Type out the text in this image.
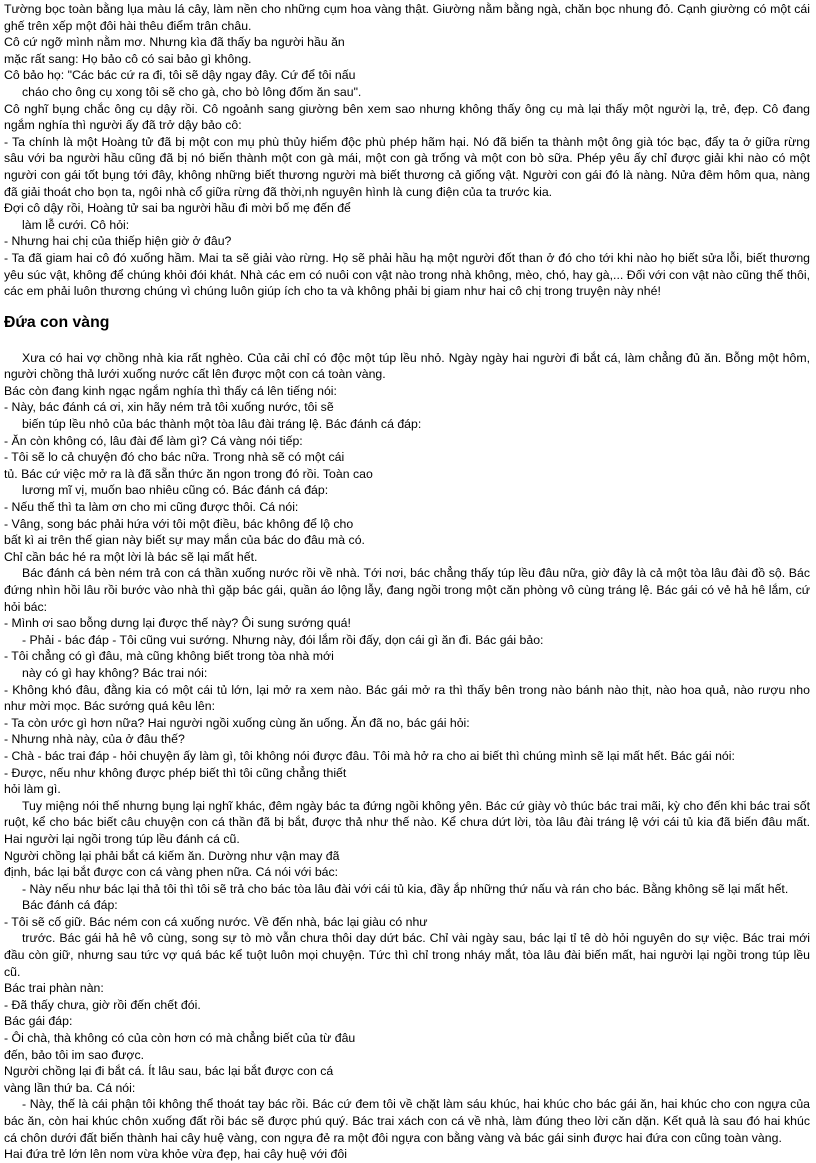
Tường bọc toàn bằng lụa màu lá cây, làm nền cho những cụm hoa vàng thật. Giường nằm bằng ngà, chăn bọc nhung đỏ. Cạnh giường có một cái ghế trên xếp một đôi hài thêu điểm trân châu.

Cô cứ ngỡ mình nằm mơ. Nhưng kìa đã thấy ba người hầu ăn

mặc rất sang: Họ bảo cô có sai bảo gì không.

Cô bảo họ: "Các bác cứ ra đi, tôi sẽ dậy ngay đây. Cứ để tôi nấu

cháo cho ông cụ xong tôi sẽ cho gà, cho bò lông đốm ăn sau".

Cô nghĩ bụng chắc ông cụ dậy rồi. Cô ngoảnh sang giường bên xem sao nhưng không thấy ông cụ mà lại thấy một người lạ, trẻ, đẹp. Cô đang ngắm nghía thì người ấy đã trở dậy bảo cô:

- Ta chính là một Hoàng tử đã bị một con mụ phù thủy hiểm độc phù phép hãm hại. Nó đã biến ta thành một ông già tóc bạc, đẩy ta ở giữa rừng sâu với ba người hầu cũng đã bị nó biến thành một con gà mái, một con gà trống và một con bò sữa. Phép yêu ấy chỉ được giải khi nào có một người con gái tốt bụng tới đây, không những biết thương người mà biết thương cả giống vật. Người con gái đó là nàng. Nửa đêm hôm qua, nàng đã giải thoát cho bọn ta, ngôi nhà cổ giữa rừng đã thời,nh nguyên hình là cung điện của ta trước kia.

Đợi cô dậy rồi, Hoàng tử sai ba người hầu đi mời bố mẹ đến để

làm lễ cưới. Cô hỏi:

- Nhưng hai chị của thiếp hiện giờ ở đâu?

- Ta đã giam hai cô đó xuống hầm. Mai ta sẽ giải vào rừng. Họ sẽ phải hầu hạ một người đốt than ở đó cho tới khi nào họ biết sửa lỗi, biết thương yêu súc vật, không để chúng khỏi đói khát. Nhà các em có nuôi con vật nào trong nhà không, mèo, chó, hay gà,... Đối với con vật nào cũng thế thôi, các em phải luôn thương chúng vì chúng luôn giúp ích cho ta và không phải bị giam như hai cô chị trong truyện này nhé!

Đứa con vàng

Xưa có hai vợ chồng nhà kia rất nghèo. Của cải chỉ có độc một túp lều nhỏ. Ngày ngày hai người đi bắt cá, làm chẳng đủ ăn. Bỗng một hôm, người chồng thả lưới xuống nước cất lên được một con cá toàn vàng.

Bác còn đang kinh ngạc ngắm nghía thì thấy cá lên tiếng nói:

- Này, bác đánh cá ơi, xin hãy ném trả tôi xuống nước, tôi sẽ

biến túp lều nhỏ của bác thành một tòa lâu đài tráng lệ. Bác đánh cá đáp:

- Ăn còn không có, lâu đài để làm gì? Cá vàng nói tiếp:

- Tôi sẽ lo cả chuyện đó cho bác nữa. Trong nhà sẽ có một cái

tủ. Bác cứ việc mở ra là đã sẵn thức ăn ngon trong đó rồi. Toàn cao

lương mĩ vị, muốn bao nhiêu cũng có. Bác đánh cá đáp:

- Nếu thế thì ta làm ơn cho mi cũng được thôi. Cá nói:

- Vâng, song bác phải hứa với tôi một điều, bác không để lộ cho

bất kì ai trên thế gian này biết sự may mắn của bác do đâu mà có.

Chỉ cần bác hé ra một lời là bác sẽ lại mất hết.

Bác đánh cá bèn ném trả con cá thần xuống nước rồi về nhà. Tới nơi, bác chẳng thấy túp lều đâu nữa, giờ đây là cả một tòa lâu đài đồ sộ. Bác đứng nhìn hồi lâu rồi bước vào nhà thì gặp bác gái, quần áo lộng lẫy, đang ngồi trong một căn phòng vô cùng tráng lệ. Bác gái có vẻ hả hê lắm, cứ hỏi bác:

- Mình ơi sao bỗng dưng lại được thế này? Ôi sung sướng quá!

- Phải - bác đáp - Tôi cũng vui sướng. Nhưng này, đói lắm rồi đấy, dọn cái gì ăn đi. Bác gái bảo:

- Tôi chẳng có gì đâu, mà cũng không biết trong tòa nhà mới

này có gì hay không? Bác trai nói:

- Không khó đâu, đằng kia có một cái tủ lớn, lại mở ra xem nào. Bác gái mở ra thì thấy bên trong nào bánh nào thịt, nào hoa quả, nào rượu nho như mời mọc. Bác sướng quá kêu lên:

- Ta còn ước gì hơn nữa? Hai người ngồi xuống cùng ăn uống. Ăn đã no, bác gái hỏi:

- Nhưng nhà này, của ở đâu thế?

- Chà - bác trai đáp - hỏi chuyện ấy làm gì, tôi không nói được đâu. Tôi mà hở ra cho ai biết thì chúng mình sẽ lại mất hết. Bác gái nói:

- Được, nếu như không được phép biết thì tôi cũng chẳng thiết

hỏi làm gì.

Tuy miệng nói thế nhưng bụng lại nghĩ khác, đêm ngày bác ta đứng ngồi không yên. Bác cứ giày vò thúc bác trai mãi, kỳ cho đến khi bác trai sốt ruột, kể cho bác biết câu chuyện con cá thần đã bị bắt, được thả như thế nào. Kể chưa dứt lời, tòa lâu đài tráng lệ với cái tủ kia đã biến đâu mất. Hai người lại ngồi trong túp lều đánh cá cũ.

Người chồng lại phải bắt cá kiếm ăn. Dường như vận may đã

định, bác lại bắt được con cá vàng phen nữa. Cá nói với bác:

- Này nếu như bác lại thả tôi thì tôi sẽ trả cho bác tòa lâu đài với cái tủ kia, đầy ắp những thứ nấu và rán cho bác. Bằng không sẽ lại mất hết.

Bác đánh cá đáp:

- Tôi sẽ cố giữ. Bác ném con cá xuống nước. Về đến nhà, bác lại giàu có như

trước. Bác gái hả hê vô cùng, song sự tò mò vẫn chưa thôi day dứt bác. Chỉ vài ngày sau, bác lại tỉ tê dò hỏi nguyên do sự việc. Bác trai mới đầu còn giữ, nhưng sau tức vợ quá bác kể tuột luôn mọi chuyện. Tức thì chỉ trong nháy mắt, tòa lâu đài biến mất, hai người lại ngồi trong túp lều cũ.

Bác trai phàn nàn:

- Đã thấy chưa, giờ rồi đến chết đói.

Bác gái đáp:

- Ôi chà, thà không có của còn hơn có mà chẳng biết của từ đâu

đến, bảo tôi im sao được.

Người chồng lại đi bắt cá. Ít lâu sau, bác lại bắt được con cá

vàng lần thứ ba. Cá nói:

- Này, thế là cái phận tôi không thể thoát tay bác rồi. Bác cứ đem tôi về chặt làm sáu khúc, hai khúc cho bác gái ăn, hai khúc cho con ngựa của bác ăn, còn hai khúc chôn xuống đất rồi bác sẽ được phú quý. Bác trai xách con cá về nhà, làm đúng theo lời căn dặn. Kết quả là sau đó hai khúc cá chôn dưới đất biến thành hai cây huệ vàng, con ngựa đẻ ra một đôi ngựa con bằng vàng và bác gái sinh được hai đứa con cũng toàn vàng.

Hai đứa trẻ lớn lên nom vừa khỏe vừa đẹp, hai cây huệ với đôi
